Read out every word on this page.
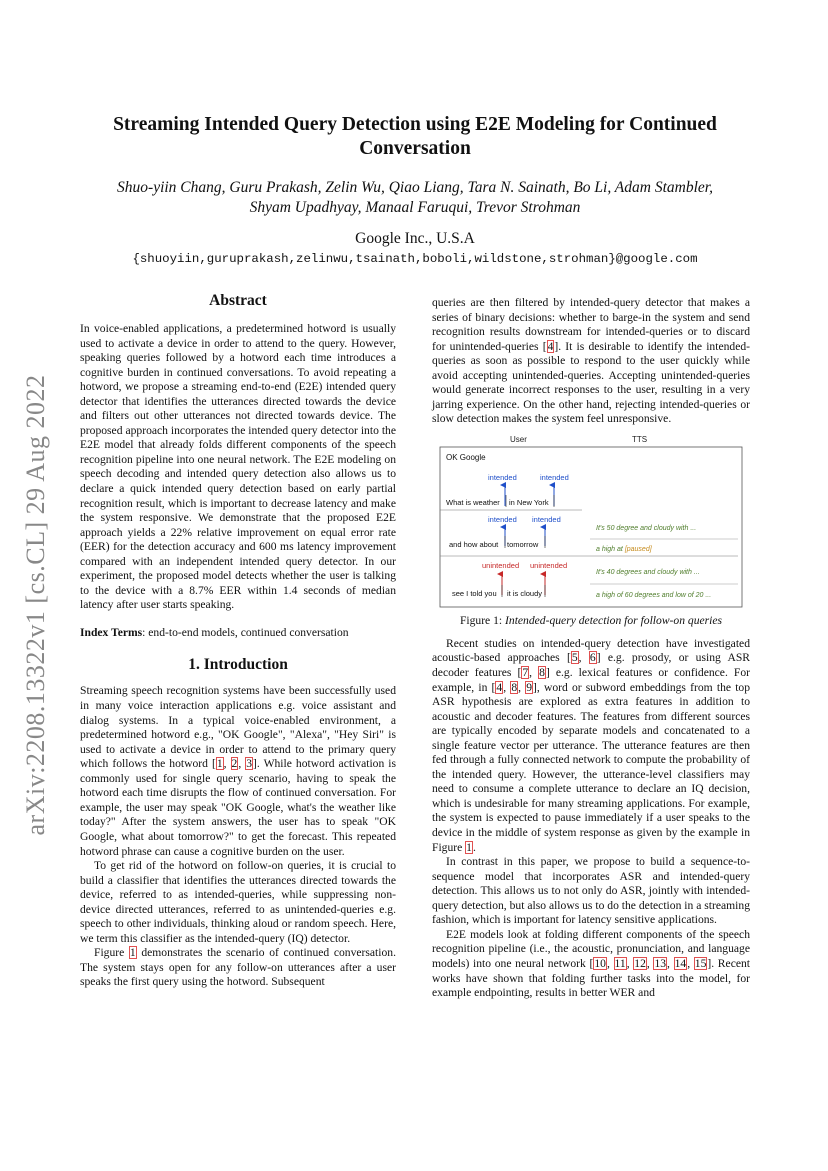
arXiv:2208.13322v1 [cs.CL] 29 Aug 2022
Streaming Intended Query Detection using E2E Modeling for Continued Conversation
Shuo-yiin Chang, Guru Prakash, Zelin Wu, Qiao Liang, Tara N. Sainath, Bo Li, Adam Stambler,
Shyam Upadhyay, Manaal Faruqui, Trevor Strohman
Google Inc., U.S.A
{shuoyiin,guruprakash,zelinwu,tsainath,boboli,wildstone,strohman}@google.com
Abstract

In voice-enabled applications, a predetermined hotword is usually used to activate a device in order to attend to the query. However, speaking queries followed by a hotword each time introduces a cognitive burden in continued conversations. To avoid repeating a hotword, we propose a streaming end-to-end (E2E) intended query detector that identifies the utterances directed towards the device and filters out other utterances not directed towards device. The proposed approach incorporates the intended query detector into the E2E model that already folds different components of the speech recognition pipeline into one neural network. The E2E modeling on speech decoding and intended query detection also allows us to declare a quick intended query detection based on early partial recognition result, which is important to decrease latency and make the system responsive. We demonstrate that the proposed E2E approach yields a 22% relative improvement on equal error rate (EER) for the detection accuracy and 600 ms latency improvement compared with an independent intended query detector. In our experiment, the proposed model detects whether the user is talking to the device with a 8.7% EER within 1.4 seconds of median latency after user starts speaking.

Index Terms: end-to-end models, continued conversation

1. Introduction

Streaming speech recognition systems have been successfully used in many voice interaction applications e.g. voice assistant and dialog systems. In a typical voice-enabled environment, a predetermined hotword e.g., "OK Google", "Alexa", "Hey Siri" is used to activate a device in order to attend to the primary query which follows the hotword [1, 2, 3]. While hotword activation is commonly used for single query scenario, having to speak the hotword each time disrupts the flow of continued conversation. For example, the user may speak "OK Google, what's the weather like today?" After the system answers, the user has to speak "OK Google, what about tomorrow?" to get the forecast. This repeated hotword phrase can cause a cognitive burden on the user.

To get rid of the hotword on follow-on queries, it is crucial to build a classifier that identifies the utterances directed towards the device, referred to as intended-queries, while suppressing non-device directed utterances, referred to as unintended-queries e.g. speech to other individuals, thinking aloud or random speech. Here, we term this classifier as the intended-query (IQ) detector.

Figure 1 demonstrates the scenario of continued conversation. The system stays open for any follow-on utterances after a user speaks the first query using the hotword. Subsequent

queries are then filtered by intended-query detector that makes a series of binary decisions: whether to barge-in the system and send recognition results downstream for intended-queries or to discard for unintended-queries [4]. It is desirable to identify the intended-queries as soon as possible to respond to the user quickly while avoid accepting unintended-queries. Accepting unintended-queries would generate incorrect responses to the user, resulting in a very jarring experience. On the other hand, rejecting intended-queries or slow detection makes the system feel unresponsive.

User	TTS
OK Google
intended	intended
What is weather in New York
intended intended
and how about tomorrow
It's 50 degree and cloudy with ...
a high at [paused]
unintended unintended
see I told you it is cloudy
It's 40 degrees and cloudy with ...
a high of 60 degrees and low of 20 ...
Figure 1: Intended-query detection for follow-on queries

Recent studies on intended-query detection have investigated acoustic-based approaches [5, 6] e.g. prosody, or using ASR decoder features [7, 8] e.g. lexical features or confidence. For example, in [4, 8, 9], word or subword embeddings from the top ASR hypothesis are explored as extra features in addition to acoustic and decoder features. The features from different sources are typically encoded by separate models and concatenated to a single feature vector per utterance. The utterance features are then fed through a fully connected network to compute the probability of the intended query. However, the utterance-level classifiers may need to consume a complete utterance to declare an IQ decision, which is undesirable for many streaming applications. For example, the system is expected to pause immediately if a user speaks to the device in the middle of system response as given by the example in Figure 1.

In contrast in this paper, we propose to build a sequence-to-sequence model that incorporates ASR and intended-query detection. This allows us to not only do ASR, jointly with intended-query detection, but also allows us to do the detection in a streaming fashion, which is important for latency sensitive applications.

E2E models look at folding different components of the speech recognition pipeline (i.e., the acoustic, pronunciation, and language models) into one neural network [10, 11, 12, 13, 14, 15]. Recent works have shown that folding further tasks into the model, for example endpointing, results in better WER and
